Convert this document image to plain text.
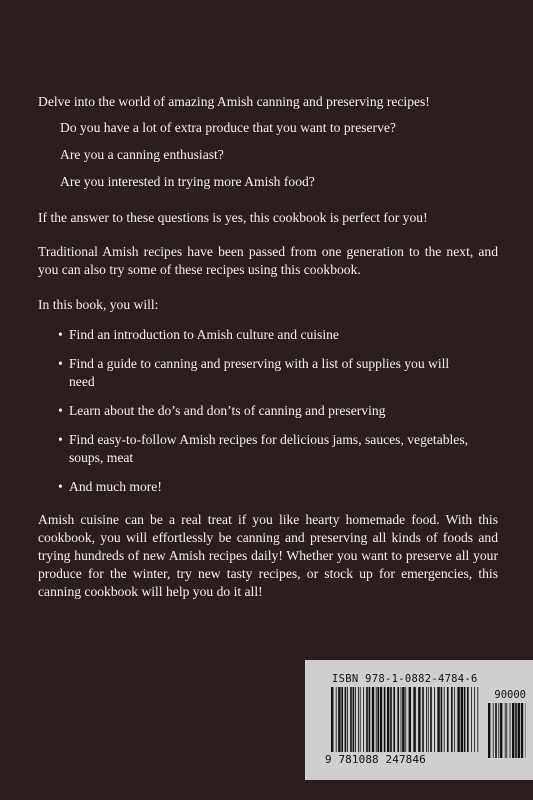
Delve into the world of amazing Amish canning and preserving recipes!

Do you have a lot of extra produce that you want to preserve?

Are you a canning enthusiast?

Are you interested in trying more Amish food?

If the answer to these questions is yes, this cookbook is perfect for you!

Traditional Amish recipes have been passed from one generation to the next, and you can also try some of these recipes using this cookbook.

In this book, you will:

• Find an introduction to Amish culture and cuisine
• Find a guide to canning and preserving with a list of supplies you will need
• Learn about the do’s and don’ts of canning and preserving
• Find easy-to-follow Amish recipes for delicious jams, sauces, vegetables, soups, meat
• And much more!

Amish cuisine can be a real treat if you like hearty homemade food. With this cookbook, you will effortlessly be canning and preserving all kinds of foods and trying hundreds of new Amish recipes daily! Whether you want to preserve all your produce for the winter, try new tasty recipes, or stock up for emergencies, this canning cookbook will help you do it all!

ISBN 978-1-0882-4784-6
90000
9 781088 247846
